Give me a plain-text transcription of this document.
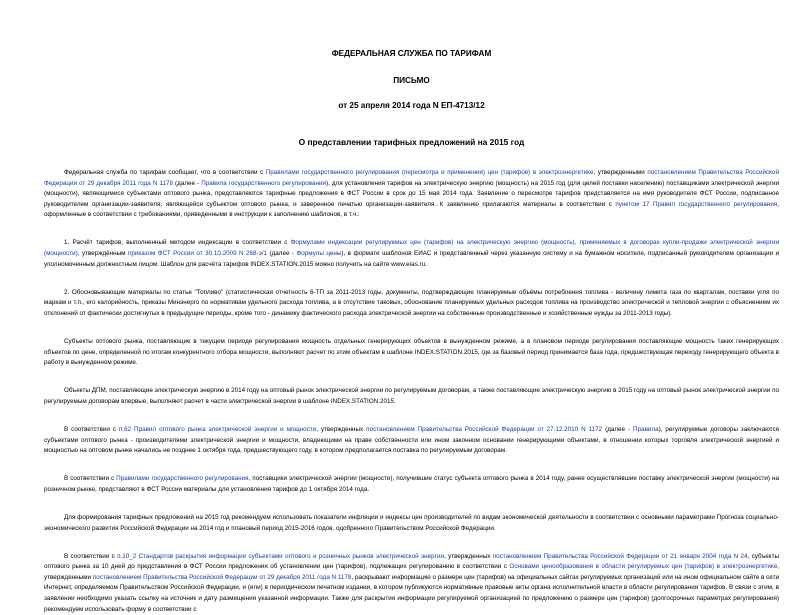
ФЕДЕРАЛЬНАЯ СЛУЖБА ПО ТАРИФАМ
ПИСЬМО
от 25 апреля 2014 года N ЕП-4713/12
О представлении тарифных предложений на 2015 год

Федеральная служба по тарифам сообщает, что в соответствии с Правилами государственного регулирования (пересмотра и применения) цен (тарифов) в электроэнергетике, утвержденными постановлением Правительства Российской Федерации от 29 декабря 2011 года N 1178 (далее - Правила государственного регулирования), для установления тарифов на электрическую энергию (мощность) на 2015 год (для целей поставки населению) поставщиками электрической энергии (мощности), являющимися субъектами оптового рынка, представляются тарифные предложения в ФСТ России в срок до 15 мая 2014 года. Заявление о пересмотре тарифов представляется на имя руководителя ФСТ России, подписанное руководителем организации-заявителя, являющейся субъектом оптового рынка, и заверенное печатью организации-заявителя. К заявлению прилагаются материалы в соответствии с пунктом 17 Правил государственного регулирования, оформленные в соответствии с требованиями, приведенными в инструкции к заполнению шаблонов, в т.ч.:

1. Расчёт тарифов, выполненный методом индексации в соответствии с Формулами индексации регулируемых цен (тарифов) на электрическую энергию (мощность), применяемых в договорах купли-продажи электрической энергии (мощности), утверждённым приказом ФСТ России от 30.10.2009 N 268-э/1 (далее - Формулы цены), в формате шаблонов ЕИАС и представленный через указанную систему и на бумажном носителе, подписанный руководителем организации и уполномоченным должностным лицом. Шаблон для расчёта тарифов INDEX.STATION.2015 можно получить на сайте www.eias.ru.

2. Обосновывающие материалы по статье "Топливо" (статистическая отчетность 6-ТП за 2011-2013 годы, документы, подтверждающие планируемые объёмы потребления топлива - величину лимита газа по кварталам, поставки угля по маркам и т.п., его калорийность, приказы Минэнерго по нормативам удельного расхода топлива, а в отсутствие таковых, обоснование планируемых удельных расходов топлива на производство электрической и тепловой энергии с объяснением их отклонений от фактически достигнутых в предыдущие периоды, кроме того - динамику фактического расхода электрической энергии на собственные производственные и хозяйственные нужды за 2011-2013 годы).

Субъекты оптового рынка, поставляющие в текущем периоде регулирования мощность отдельных генерирующих объектов в вынужденном режиме, а в плановом периоде регулирования поставляющие мощность таких генерирующих объектов по цене, определенной по итогам конкурентного отбора мощности, выполняют расчет по этим объектам в шаблоне INDEX.STATION.2015, где за базовый период принимается база года, предшествующая переходу генерирующего объекта в работу в вынужденном режиме.

Объекты ДПМ, поставляющие электрическую энергию в 2014 году на оптовый рынок электрической энергии по регулируемым договорам, а также поставляющие электрическую энергию в 2015 году на оптовый рынок электрической энергии по регулируемым договорам впервые, выполняют расчет в части электрической энергии в шаблоне INDEX.STATION.2015.

В соответствии с п.62 Правил оптового рынка электрической энергии и мощности, утвержденных постановлением Правительства Российской Федерации от 27.12.2010 N 1172 (далее - Правила), регулируемые договоры заключаются субъектами оптового рынка - производителями электрической энергии и мощности, владеющими на праве собственности или ином законном основании генерирующими объектами, в отношении которых торговля электрической энергией и мощностью на оптовом рынке начались не позднее 1 октября года, предшествующего году, в котором предполагается поставка по регулируемым договорам.

В соответствии с Правилами государственного регулирования, поставщики электрической энергии (мощности), получившие статус субъекта оптового рынка в 2014 году, ранее осуществлявшие поставку электрической энергии (мощности) на розничном рынке, представляют в ФСТ России материалы для установления тарифов до 1 октября 2014 года.

Для формирования тарифных предложений на 2015 год рекомендуем использовать показатели инфляции и индексы цен производителей по видам экономической деятельности в соответствии с основными параметрами Прогноза социально-экономического развития Российской Федерации на 2014 год и плановый период 2015-2016 годов, одобренного Правительством Российской Федерации.

В соответствии с п.10_2 Стандартов раскрытия информации субъектами оптового и розничных рынков электрической энергии, утвержденных постановлением Правительства Российской Федерации от 21 января 2004 года N 24, субъекты оптового рынка за 10 дней до представления в ФСТ России предложения об установлении цен (тарифов), подлежащих регулированию в соответствии с Основами ценообразования в области регулируемых цен (тарифов) в электроэнергетике, утвержденными постановлением Правительства Российской Федерации от 29 декабря 2011 года N 1178, раскрывают информацию о размере цен (тарифов) на официальных сайтах регулируемых организаций или на ином официальном сайте в сети Интернет, определяемом Правительством Российской Федерации, и (или) в периодическом печатном издании, в котором публикуются нормативные правовые акты органа исполнительной власти в области регулирования тарифов. В связи с этим, в заявлении необходимо указать ссылку на источник и дату размещения указанной информации. Также для раскрытия информации регулируемой организацией по предложению о размере цен (тарифов) (долгосрочных параметрах регулирования) рекомендуем использовать форму в соответствии с
